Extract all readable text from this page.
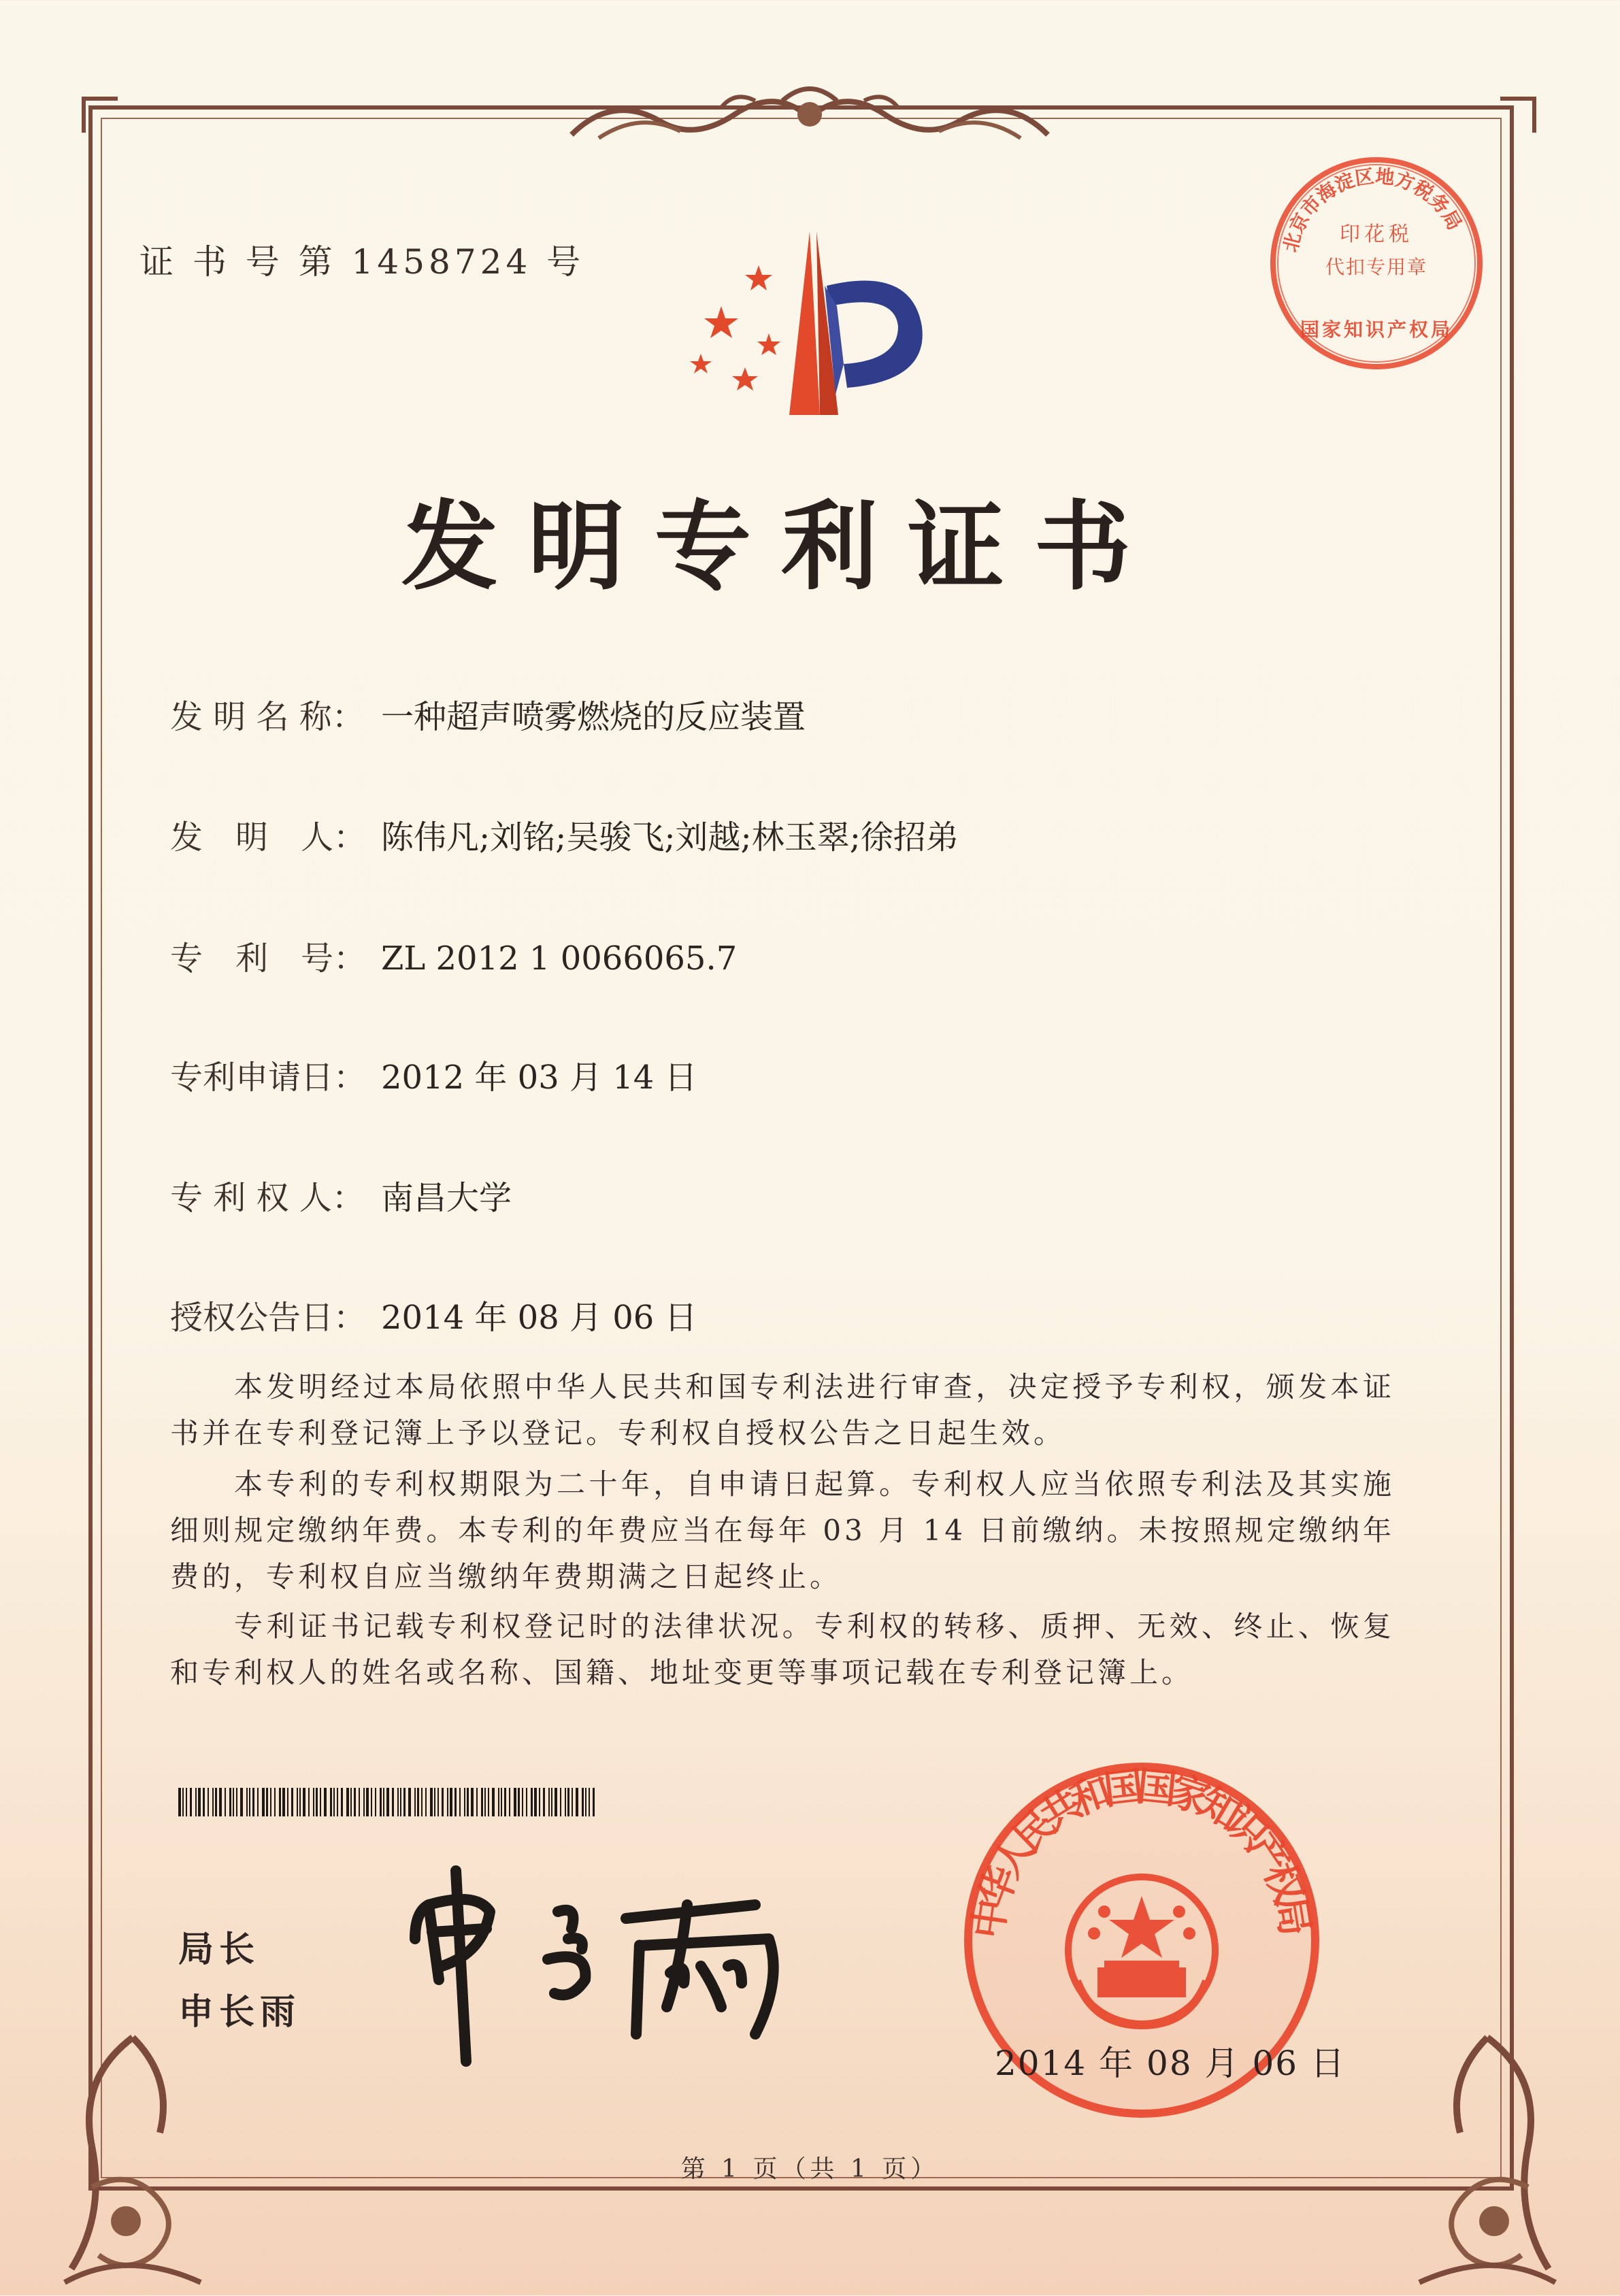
证 书 号 第 1458724 号	北京市海淀区地方税务局
印花税
代扣专用章
国家知识产权局
发明专利证书
发 明 名 称： 一种超声喷雾燃烧的反应装置
发　明　人： 陈伟凡;刘铭;吴骏飞;刘越;林玉翠;徐招弟
专　利　号： ZL 2012 1 0066065.7
专利申请日： 2012 年 03 月 14 日
专 利 权 人： 南昌大学
授权公告日： 2014 年 08 月 06 日
本发明经过本局依照中华人民共和国专利法进行审查，决定授予专利权，颁发本证书并在专利登记簿上予以登记。专利权自授权公告之日起生效。
本专利的专利权期限为二十年，自申请日起算。专利权人应当依照专利法及其实施细则规定缴纳年费。本专利的年费应当在每年 03 月 14 日前缴纳。未按照规定缴纳年费的，专利权自应当缴纳年费期满之日起终止。
专利证书记载专利权登记时的法律状况。专利权的转移、质押、无效、终止、恢复和专利权人的姓名或名称、国籍、地址变更等事项记载在专利登记簿上。
局长
申长雨
中华人民共和国国家知识产权局
2014 年 08 月 06 日
第 1 页（共 1 页）
